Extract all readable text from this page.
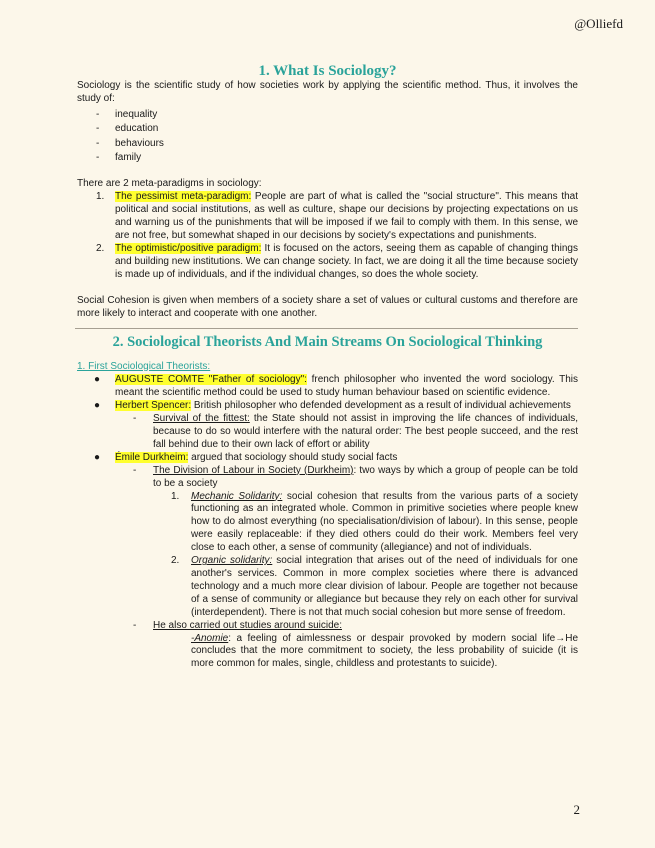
@Olliefd
1. What Is Sociology?

Sociology is the scientific study of how societies work by applying the scientific method. Thus, it involves the study of:

- inequality
- education
- behaviours
- family

There are 2 meta-paradigms in sociology:

1. The pessimist meta-paradigm: People are part of what is called the "social structure". This means that political and social institutions, as well as culture, shape our decisions by projecting expectations on us and warning us of the punishments that will be imposed if we fail to comply with them. In this sense, we are not free, but somewhat shaped in our decisions by society's expectations and punishments.
2. The optimistic/positive paradigm: It is focused on the actors, seeing them as capable of changing things and building new institutions. We can change society. In fact, we are doing it all the time because society is made up of individuals, and if the individual changes, so does the whole society.

Social Cohesion is given when members of a society share a set of values or cultural customs and therefore are more likely to interact and cooperate with one another.

2. Sociological Theorists And Main Streams On Sociological Thinking
1. First Sociological Theorists:
● AUGUSTE COMTE "Father of sociology": french philosopher who invented the word sociology. This meant the scientific method could be used to study human behaviour based on scientific evidence.
● Herbert Spencer: British philosopher who defended development as a result of individual achievements
- Survival of the fittest: the State should not assist in improving the life chances of individuals, because to do so would interfere with the natural order: The best people succeed, and the rest fall behind due to their own lack of effort or ability
● Émile Durkheim: argued that sociology should study social facts
- The Division of Labour in Society (Durkheim): two ways by which a group of people can be told to be a society
1. Mechanic Solidarity: social cohesion that results from the various parts of a society functioning as an integrated whole. Common in primitive societies where people knew how to do almost everything (no specialisation/division of labour). In this sense, people were easily replaceable: if they died others could do their work. Members feel very close to each other, a sense of community (allegiance) and not of individuals.
2. Organic solidarity: social integration that arises out of the need of individuals for one another's services. Common in more complex societies where there is advanced technology and a much more clear division of labour. People are together not because of a sense of community or allegiance but because they rely on each other for survival (interdependent). There is not that much social cohesion but more sense of freedom.
- He also carried out studies around suicide:
-Anomie: a feeling of aimlessness or despair provoked by modern social life→He concludes that the more commitment to society, the less probability of suicide (it is more common for males, single, childless and protestants to suicide).
2
